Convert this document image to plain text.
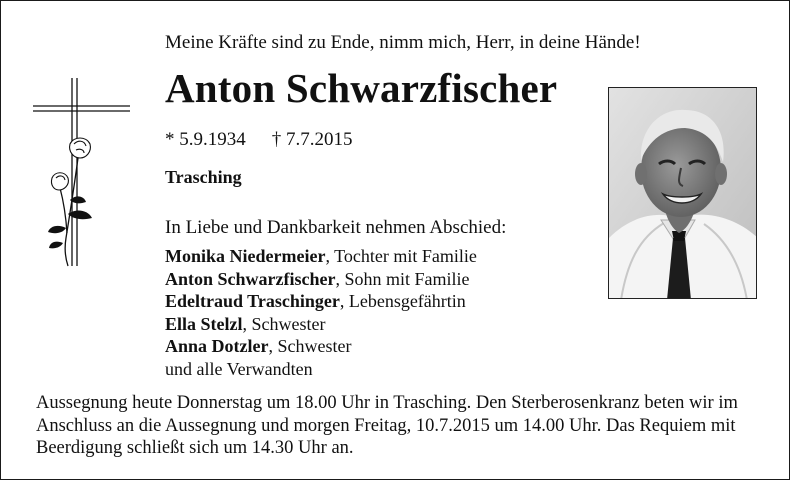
Meine Kräfte sind zu Ende, nimm mich, Herr, in deine Hände!
Anton Schwarzfischer
* 5.9.1934 † 7.7.2015
Trasching
In Liebe und Dankbarkeit nehmen Abschied:
Monika Niedermeier, Tochter mit Familie
Anton Schwarzfischer, Sohn mit Familie
Edeltraud Traschinger, Lebensgefährtin
Ella Stelzl, Schwester
Anna Dotzler, Schwester
und alle Verwandten
Aussegnung heute Donnerstag um 18.00 Uhr in Trasching. Den Sterberosenkranz beten wir im Anschluss an die Aussegnung und morgen Freitag, 10.7.2015 um 14.00 Uhr. Das Requiem mit Beerdigung schließt sich um 14.30 Uhr an.
